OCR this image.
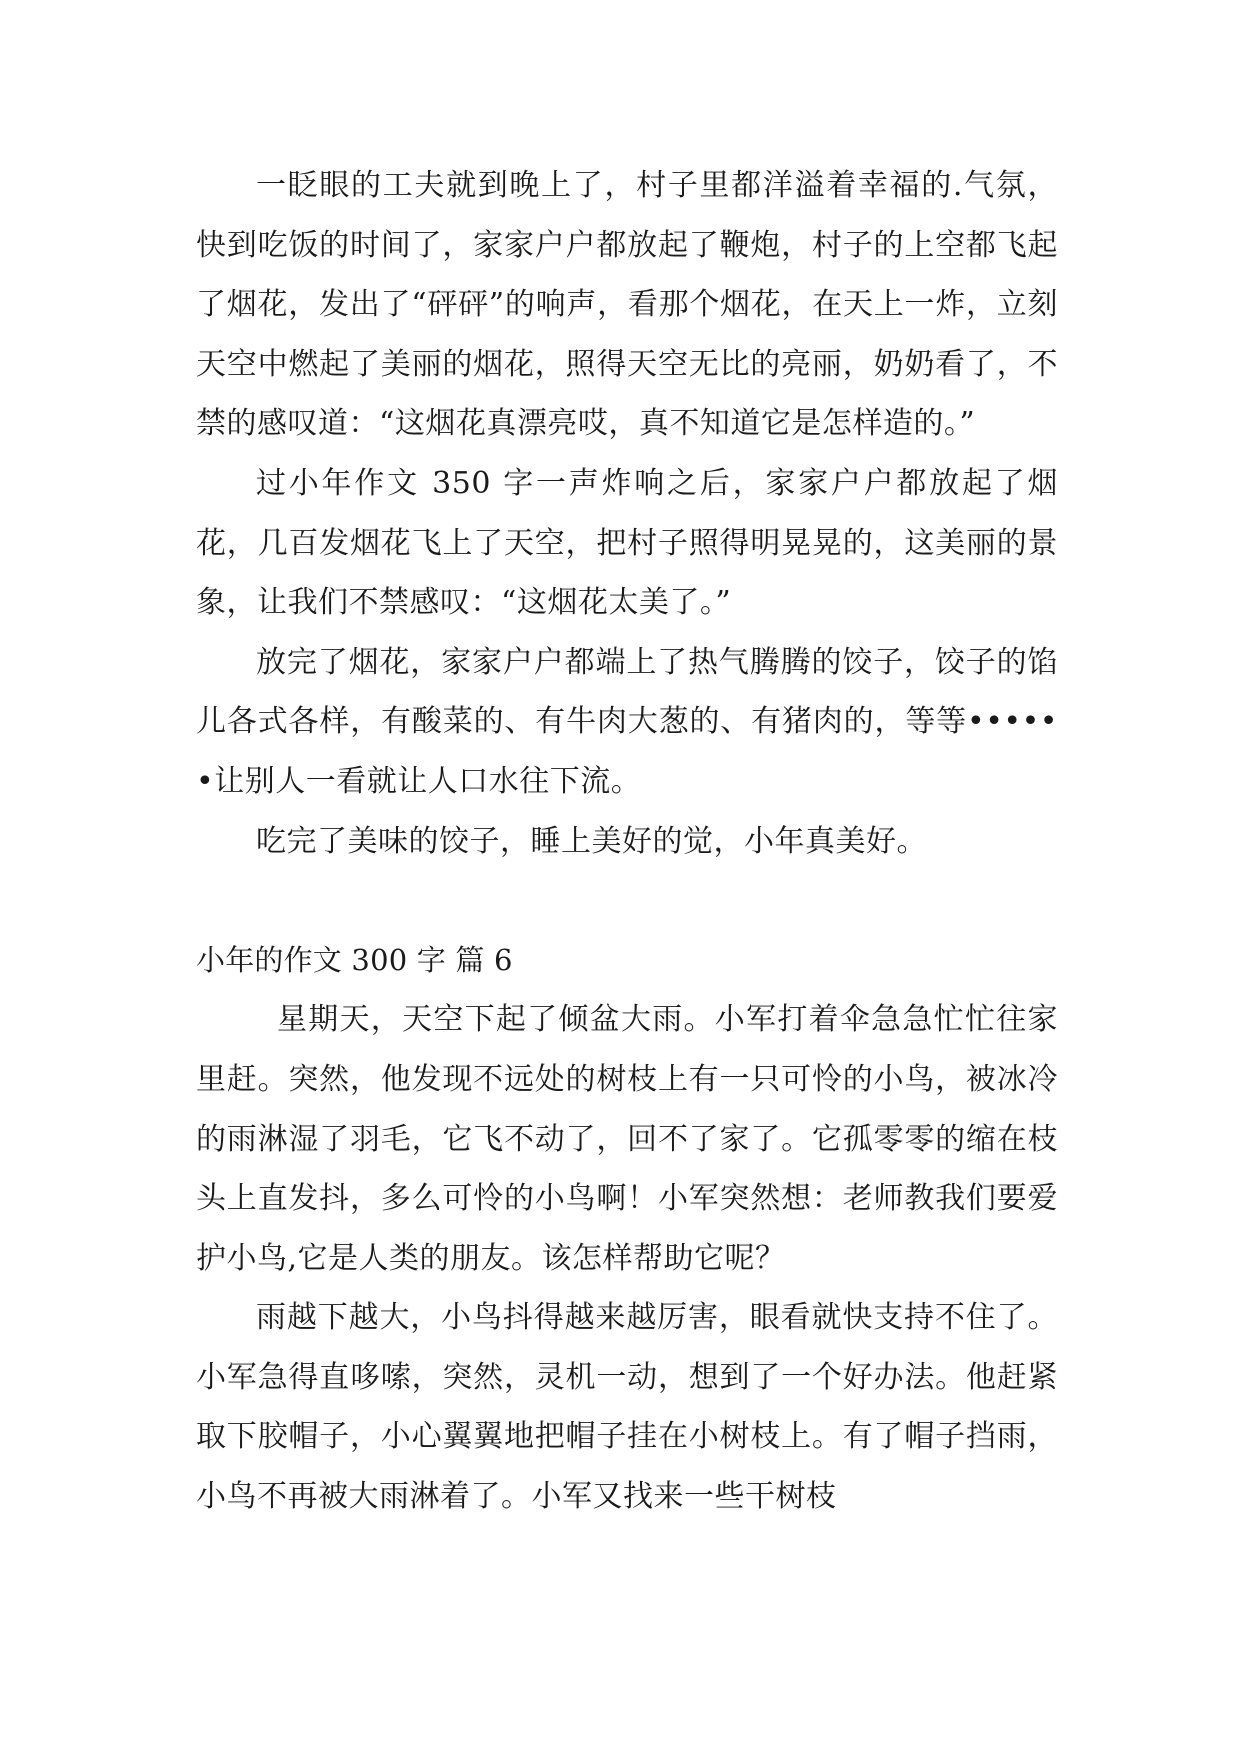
一眨眼的工夫就到晚上了，村子里都洋溢着幸福的.气氛，快到吃饭的时间了，家家户户都放起了鞭炮，村子的上空都飞起了烟花，发出了“砰砰”的响声，看那个烟花，在天上一炸，立刻天空中燃起了美丽的烟花，照得天空无比的亮丽，奶奶看了，不禁的感叹道：“这烟花真漂亮哎，真不知道它是怎样造的。”

过小年作文 350 字一声炸响之后，家家户户都放起了烟花，几百发烟花飞上了天空，把村子照得明晃晃的，这美丽的景象，让我们不禁感叹：“这烟花太美了。”

放完了烟花，家家户户都端上了热气腾腾的饺子，饺子的馅儿各式各样，有酸菜的、有牛肉大葱的、有猪肉的，等等••••••让别人一看就让人口水往下流。

吃完了美味的饺子，睡上美好的觉，小年真美好。

小年的作文 300 字 篇 6

星期天，天空下起了倾盆大雨。小军打着伞急急忙忙往家里赶。突然，他发现不远处的树枝上有一只可怜的小鸟，被冰冷的雨淋湿了羽毛，它飞不动了，回不了家了。它孤零零的缩在枝头上直发抖，多么可怜的小鸟啊！小军突然想：老师教我们要爱护小鸟,它是人类的朋友。该怎样帮助它呢？

雨越下越大，小鸟抖得越来越厉害，眼看就快支持不住了。小军急得直哆嗦，突然，灵机一动，想到了一个好办法。他赶紧取下胶帽子，小心翼翼地把帽子挂在小树枝上。有了帽子挡雨，小鸟不再被大雨淋着了。小军又找来一些干树枝
